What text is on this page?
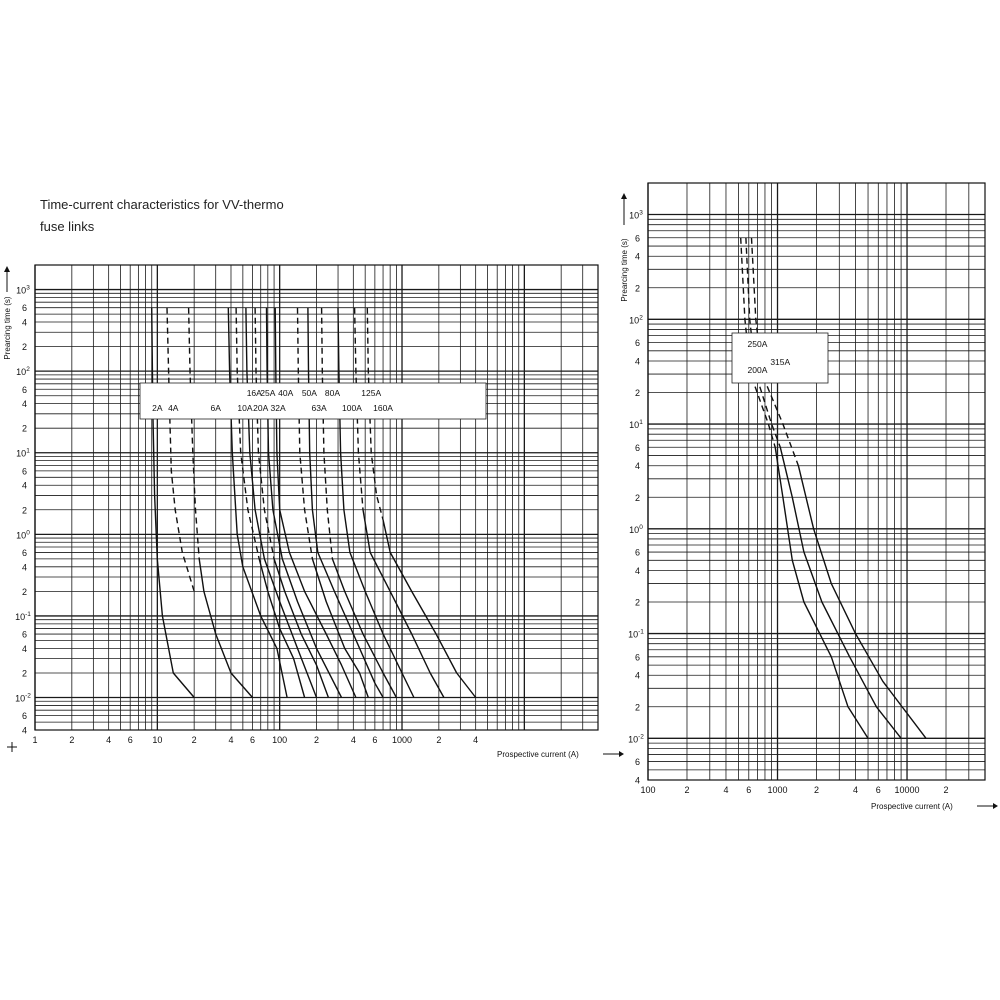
Time-current characteristics for VV-thermo
fuse links
2A 4A	6A
16A
25A 40A
10A 20A 32A
50A 80A	125A
63A 100A 160A
1	2	4 6 10	2	4 6 100	2	4 6 1000	2	4
$10^3$
6
4
2
$10^2$
6
4
2
$10^1$
6
4
2
$10^0$
6
4
2
$10^{-1}$
6
4
2
$10^{-2}$
6
4
Prospective current (A)
Prearcing time (s)	250A
315A
200A
100	2	4 6 1000	2	4 6 10000	2
$10^3$
6
4
2
$10^2$
6
4
2
$10^1$
6
4
2
$10^0$
6
4
2
$10^{-1}$
6
4
2
$10^{-2}$
6
4
Prospective current (A)
Prearcing time (s)
